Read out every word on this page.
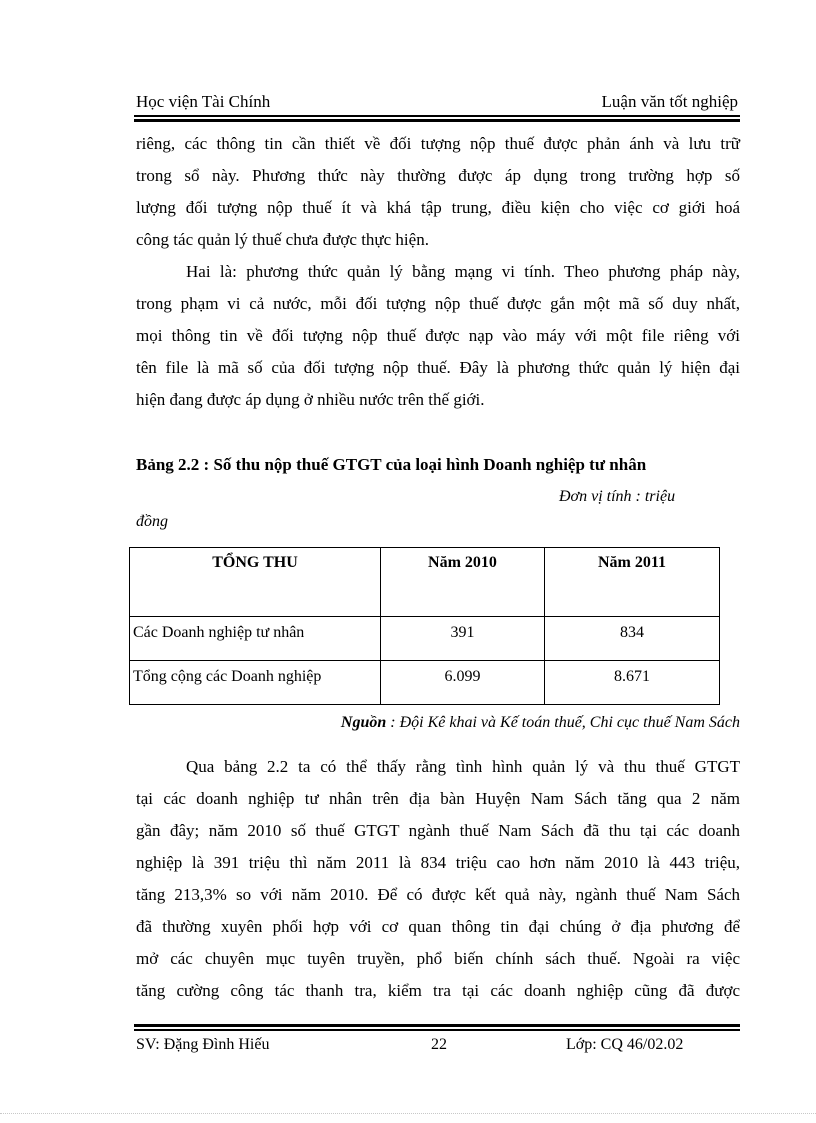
Học viện Tài Chính	Luận văn tốt nghiệp
riêng, các thông tin cần thiết về đối tượng nộp thuế được phản ánh và lưu trữ
trong sổ này. Phương thức này thường được áp dụng trong trường hợp số
lượng đối tượng nộp thuế ít và khá tập trung, điều kiện cho việc cơ giới hoá
công tác quản lý thuế chưa được thực hiện.
Hai là: phương thức quản lý bằng mạng vi tính. Theo phương pháp này,
trong phạm vi cả nước, mỗi đối tượng nộp thuế được gắn một mã số duy nhất,
mọi thông tin về đối tượng nộp thuế được nạp vào máy với một file riêng với
tên file là mã số của đối tượng nộp thuế. Đây là phương thức quản lý hiện đại
hiện đang được áp dụng ở nhiều nước trên thế giới.
Bảng 2.2 : Số thu nộp thuế GTGT của loại hình Doanh nghiệp tư nhân
Đơn vị tính : triệu
đồng
TỔNG THU	Năm 2010	Năm 2011
Các Doanh nghiệp tư nhân	391	834
Tổng cộng các Doanh nghiệp	6.099	8.671
Nguồn : Đội Kê khai và Kế toán thuế, Chi cục thuế Nam Sách
Qua bảng 2.2 ta có thể thấy rằng tình hình quản lý và thu thuế GTGT
tại các doanh nghiệp tư nhân trên địa bàn Huyện Nam Sách tăng qua 2 năm
gần đây; năm 2010 số thuế GTGT ngành thuế Nam Sách đã thu tại các doanh
nghiệp là 391 triệu thì năm 2011 là 834 triệu cao hơn năm 2010 là 443 triệu,
tăng 213,3% so với năm 2010. Để có được kết quả này, ngành thuế Nam Sách
đã thường xuyên phối hợp với cơ quan thông tin đại chúng ở địa phương để
mở các chuyên mục tuyên truyền, phổ biến chính sách thuế. Ngoài ra việc
tăng cường công tác thanh tra, kiểm tra tại các doanh nghiệp cũng đã được
SV: Đặng Đình Hiếu	22	Lớp: CQ 46/02.02
